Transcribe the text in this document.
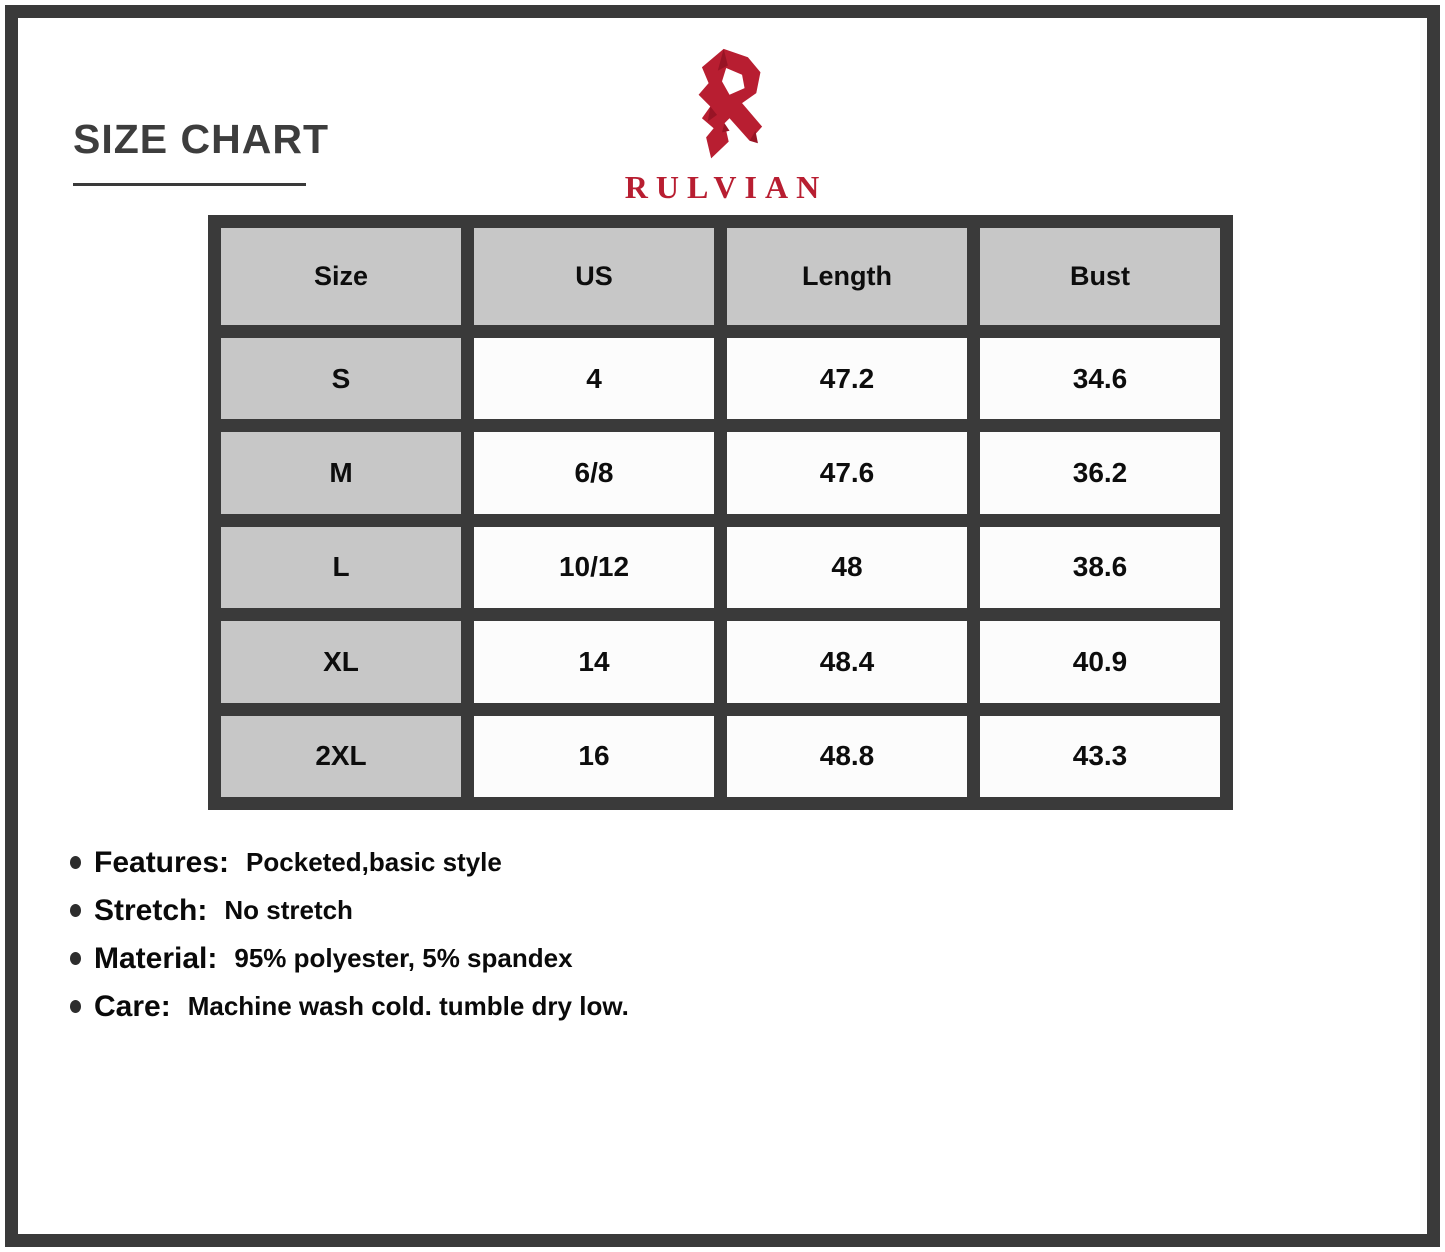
SIZE CHART
RULVIAN
Size	US	Length	Bust
S	4	47.2	34.6
M	6/8	47.6	36.2
L	10/12	48	38.6
XL	14	48.4	40.9
2XL	16	48.8	43.3
Features: Pocketed,basic style
Stretch: No stretch
Material: 95% polyester, 5% spandex
Care: Machine wash cold. tumble dry low.
